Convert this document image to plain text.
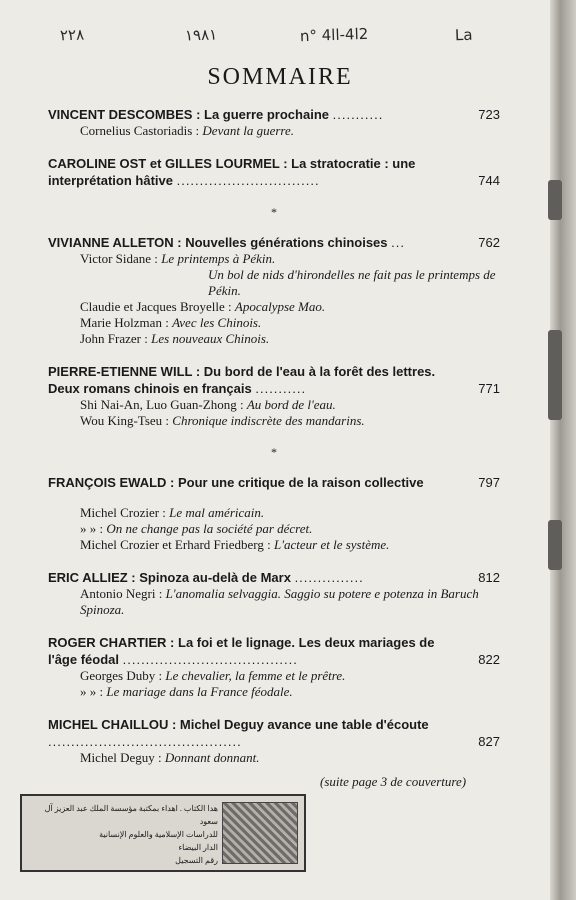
٢٢٨	١٩٨١	n° 4ll-4l2	La
SOMMAIRE
VINCENT DESCOMBES : La guerre prochaine ...........	723
Cornelius Castoriadis : Devant la guerre.
CAROLINE OST et GILLES LOURMEL : La stratocratie : une interprétation hâtive ...............................	744
*
VIVIANNE ALLETON : Nouvelles générations chinoises ...	762
Victor Sidane : Le printemps à Pékin.
Un bol de nids d'hirondelles ne fait pas le printemps de Pékin.
Claudie et Jacques Broyelle : Apocalypse Mao.
Marie Holzman : Avec les Chinois.
John Frazer : Les nouveaux Chinois.
PIERRE-ETIENNE WILL : Du bord de l'eau à la forêt des lettres. Deux romans chinois en français ...........	771
Shi Nai-An, Luo Guan-Zhong : Au bord de l'eau.
Wou King-Tseu : Chronique indiscrète des mandarins.
*
FRANÇOIS EWALD : Pour une critique de la raison collective	797
Michel Crozier : Le mal américain.
» » : On ne change pas la société par décret.
Michel Crozier et Erhard Friedberg : L'acteur et le système.
ERIC ALLIEZ : Spinoza au-delà de Marx ...............	812
Antonio Negri : L'anomalia selvaggia. Saggio su potere e potenza in Baruch Spinoza.
ROGER CHARTIER : La foi et le lignage. Les deux mariages de l'âge féodal ......................................	822
Georges Duby : Le chevalier, la femme et le prêtre.
» » : Le mariage dans la France féodale.
MICHEL CHAILLOU : Michel Deguy avance une table d'écoute ..........................................	827
Michel Deguy : Donnant donnant.
(suite page 3 de couverture)
هدا الكتاب . اهداء بمكتبة مؤسسة الملك عبد العزيز آل سعود
للدراسات الإسلامية والعلوم الإنسانية
الدار البيضاء
رقم التسجيل
